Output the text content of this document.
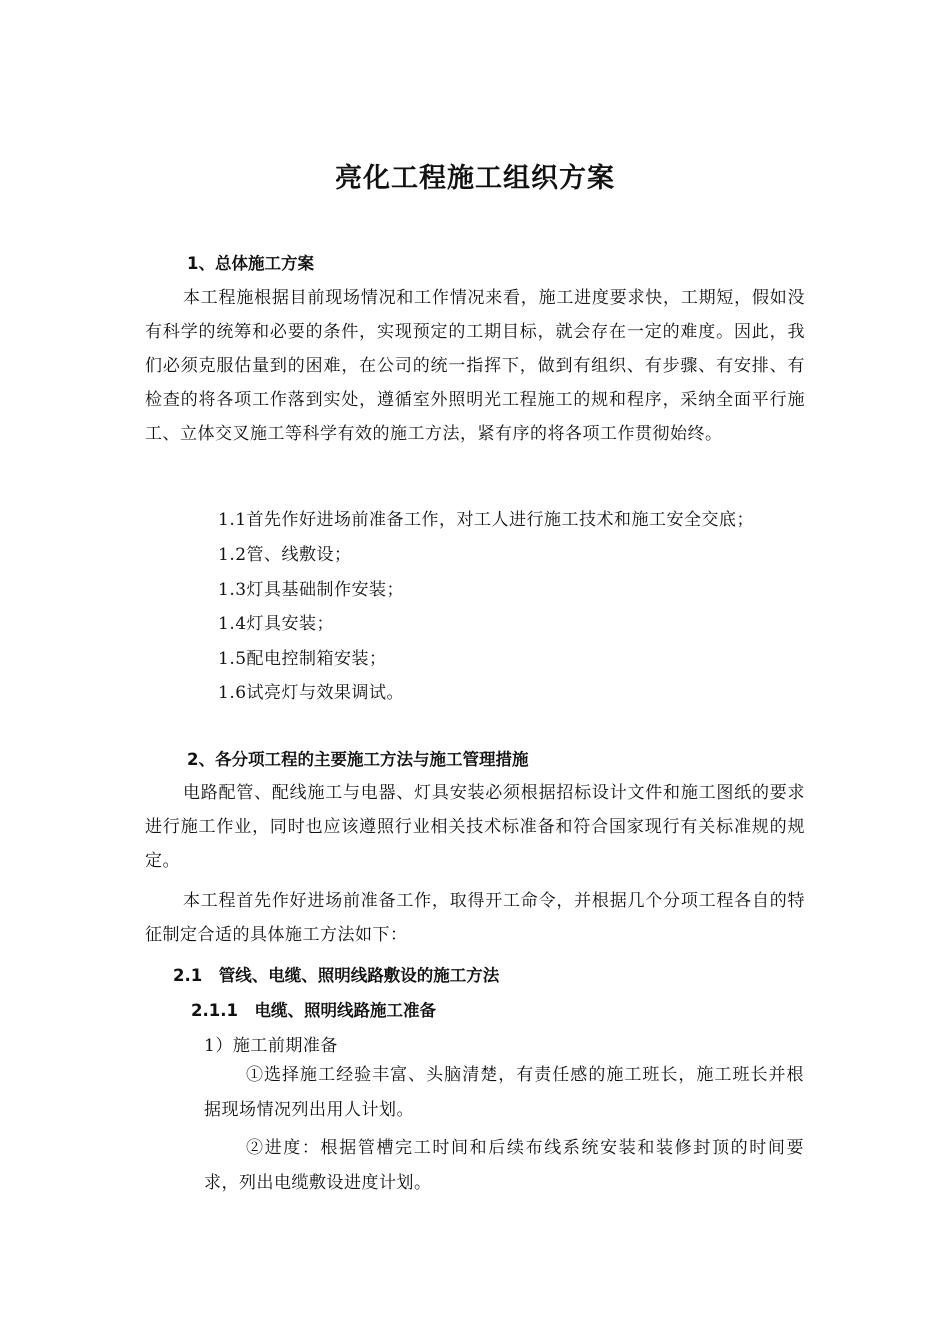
亮化工程施工组织方案
1、总体施工方案
本工程施根据目前现场情况和工作情况来看，施工进度要求快，工期短，假如没有科学的统筹和必要的条件，实现预定的工期目标，就会存在一定的难度。因此，我们必须克服估量到的困难，在公司的统一指挥下，做到有组织、有步骤、有安排、有检查的将各项工作落到实处，遵循室外照明光工程施工的规和程序，采纳全面平行施工、立体交叉施工等科学有效的施工方法，紧有序的将各项工作贯彻始终。
1.1首先作好进场前准备工作，对工人进行施工技术和施工安全交底；
1.2管、线敷设；
1.3灯具基础制作安装；
1.4灯具安装；
1.5配电控制箱安装；
1.6试亮灯与效果调试。
2、各分项工程的主要施工方法与施工管理措施
电路配管、配线施工与电器、灯具安装必须根据招标设计文件和施工图纸的要求进行施工作业，同时也应该遵照行业相关技术标准备和符合国家现行有关标准规的规定。
本工程首先作好进场前准备工作，取得开工命令，并根据几个分项工程各自的特征制定合适的具体施工方法如下：
2.1　管线、电缆、照明线路敷设的施工方法
2.1.1　电缆、照明线路施工准备
1）施工前期准备
①选择施工经验丰富、头脑清楚，有责任感的施工班长，施工班长并根据现场情况列出用人计划。
②进度：根据管槽完工时间和后续布线系统安装和装修封顶的时间要求，列出电缆敷设进度计划。
